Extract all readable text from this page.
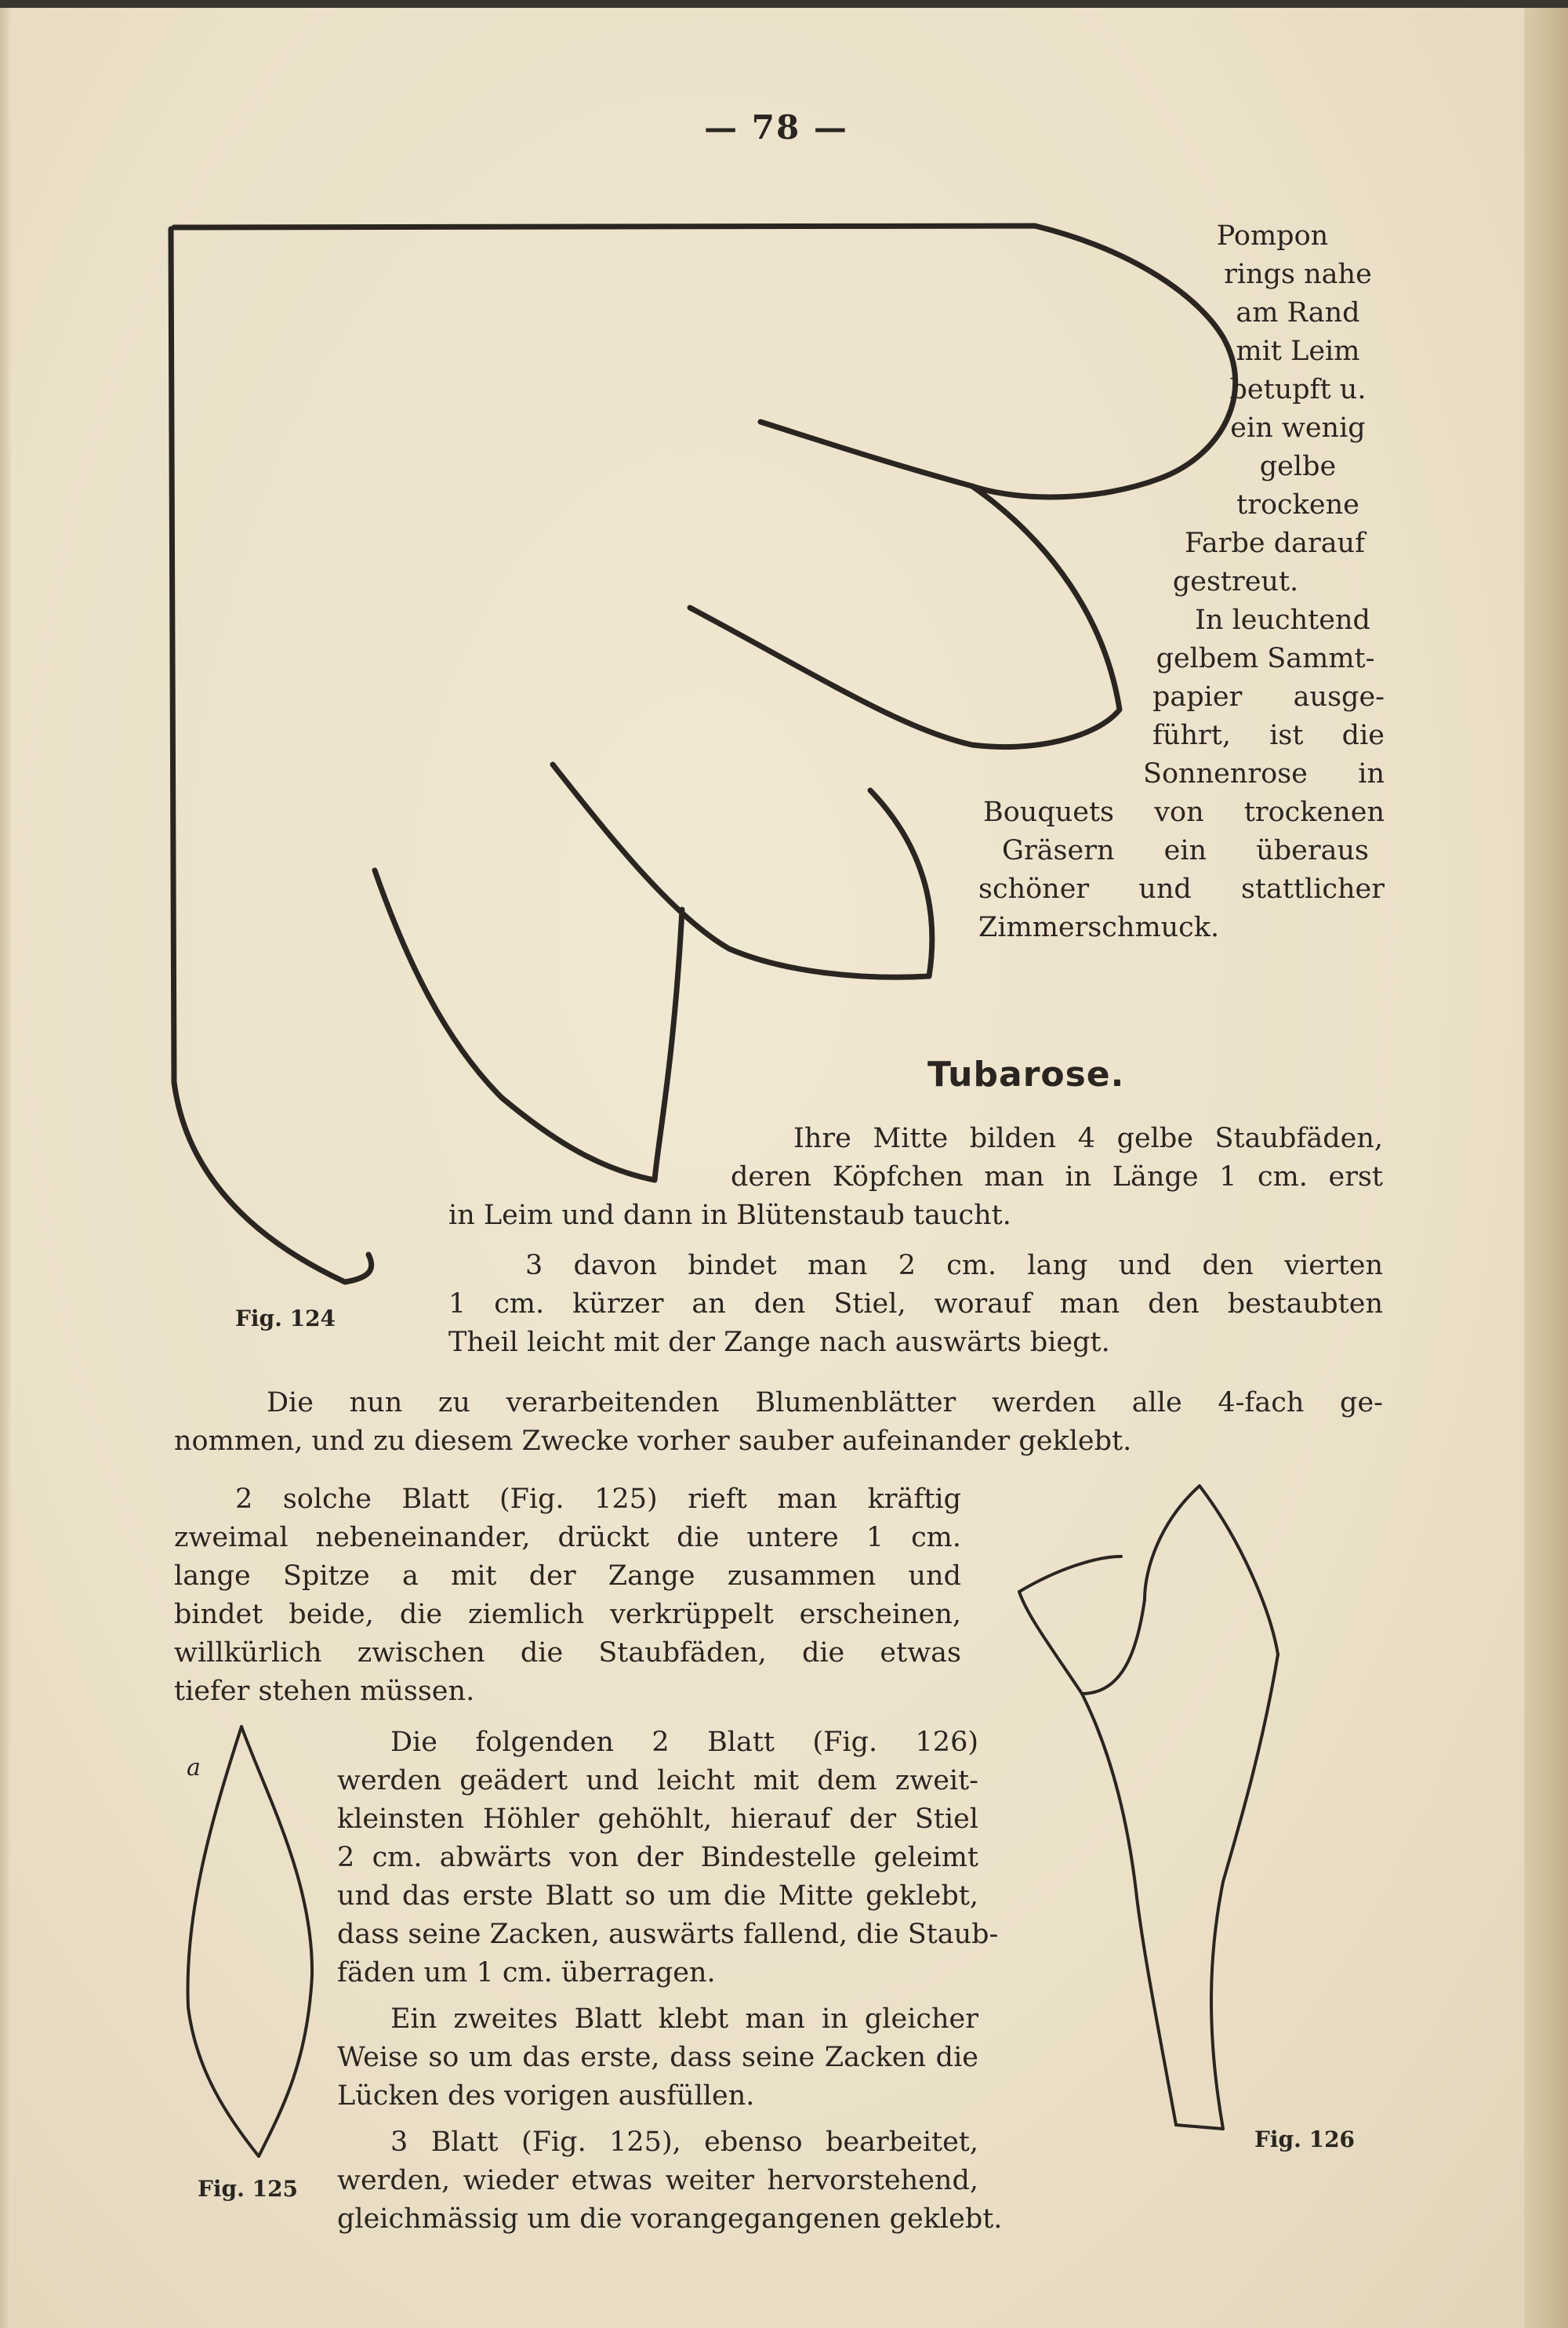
— 78 —
Pompon
rings nahe
am Rand
mit Leim
betupft u.
ein wenig
gelbe
trockene
Farbe darauf
gestreut.
In leuchtend
gelbem Sammt-
papier ausge-
führt, ist die
Sonnenrose in
Bouquets von trockenen
Gräsern ein überaus
schöner und stattlicher
Zimmerschmuck.
Tubarose.
Ihre Mitte bilden 4 gelbe Staubfäden,
deren Köpfchen man in Länge 1 cm. erst
in Leim und dann in Blütenstaub taucht.
3 davon bindet man 2 cm. lang und den vierten
1 cm. kürzer an den Stiel, worauf man den bestaubten
Theil leicht mit der Zange nach auswärts biegt.
Fig. 124
Die nun zu verarbeitenden Blumenblätter werden alle 4-fach ge-
nommen, und zu diesem Zwecke vorher sauber aufeinander geklebt.
2 solche Blatt (Fig. 125) rieft man kräftig
zweimal nebeneinander, drückt die untere 1 cm.
lange Spitze a mit der Zange zusammen und
bindet beide, die ziemlich verkrüppelt erscheinen,
willkürlich zwischen die Staubfäden, die etwas
tiefer stehen müssen.
a
Die folgenden 2 Blatt (Fig. 126)
werden geädert und leicht mit dem zweit-
kleinsten Höhler gehöhlt, hierauf der Stiel
2 cm. abwärts von der Bindestelle geleimt
und das erste Blatt so um die Mitte geklebt,
dass seine Zacken, auswärts fallend, die Staub-
fäden um 1 cm. überragen.
Ein zweites Blatt klebt man in gleicher
Weise so um das erste, dass seine Zacken die
Lücken des vorigen ausfüllen.
3 Blatt (Fig. 125), ebenso bearbeitet,
werden, wieder etwas weiter hervorstehend,
gleichmässig um die vorangegangenen geklebt.
Fig. 125
Fig. 126
